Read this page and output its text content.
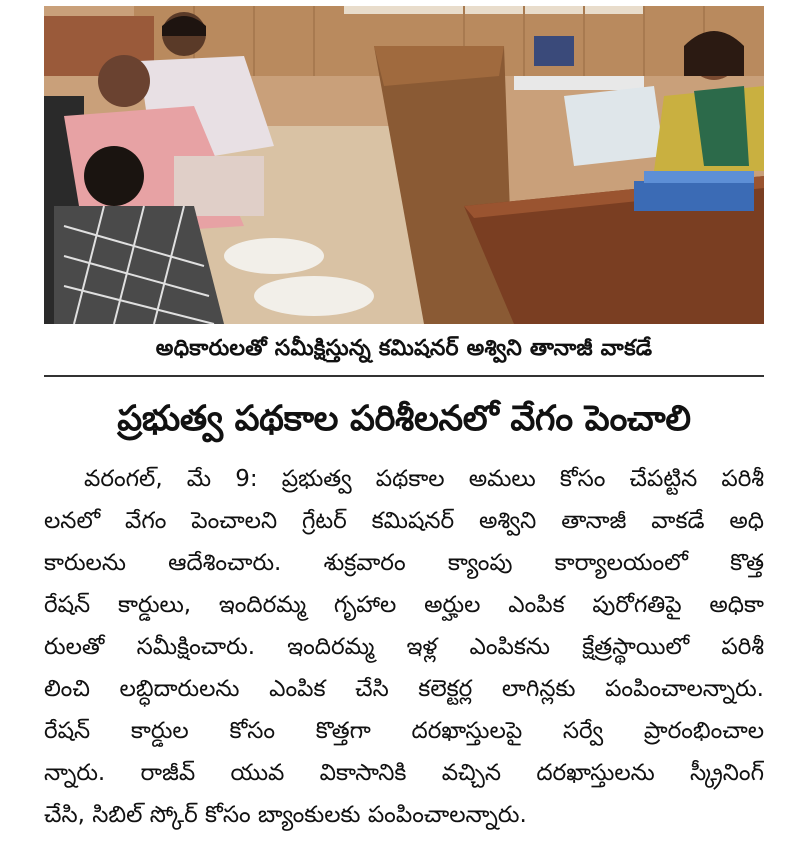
అధికారులతో సమీక్షిస్తున్న కమిషనర్ అశ్విని తానాజీ వాకడే
ప్రభుత్వ పథకాల పరిశీలనలో వేగం పెంచాలి
వరంగల్, మే 9: ప్రభుత్వ పథకాల అమలు కోసం చేపట్టిన పరిశీ
లనలో వేగం పెంచాలని గ్రేటర్ కమిషనర్ అశ్విని తానాజీ వాకడే అధి
కారులను ఆదేశించారు. శుక్రవారం క్యాంపు కార్యాలయంలో కొత్త
రేషన్ కార్డులు, ఇందిరమ్మ గృహాల అర్హుల ఎంపిక పురోగతిపై అధికా
రులతో సమీక్షించారు. ఇందిరమ్మ ఇళ్ల ఎంపికను క్షేత్రస్థాయిలో పరిశీ
లించి లబ్ధిదారులను ఎంపిక చేసి కలెక్టర్ల లాగిన్లకు పంపించాలన్నారు.
రేషన్ కార్డుల కోసం కొత్తగా దరఖాస్తులపై సర్వే ప్రారంభించాల
న్నారు. రాజీవ్ యువ వికాసానికి వచ్చిన దరఖాస్తులను స్క్రీనింగ్
చేసి, సిబిల్ స్కోర్ కోసం బ్యాంకులకు పంపించాలన్నారు.
